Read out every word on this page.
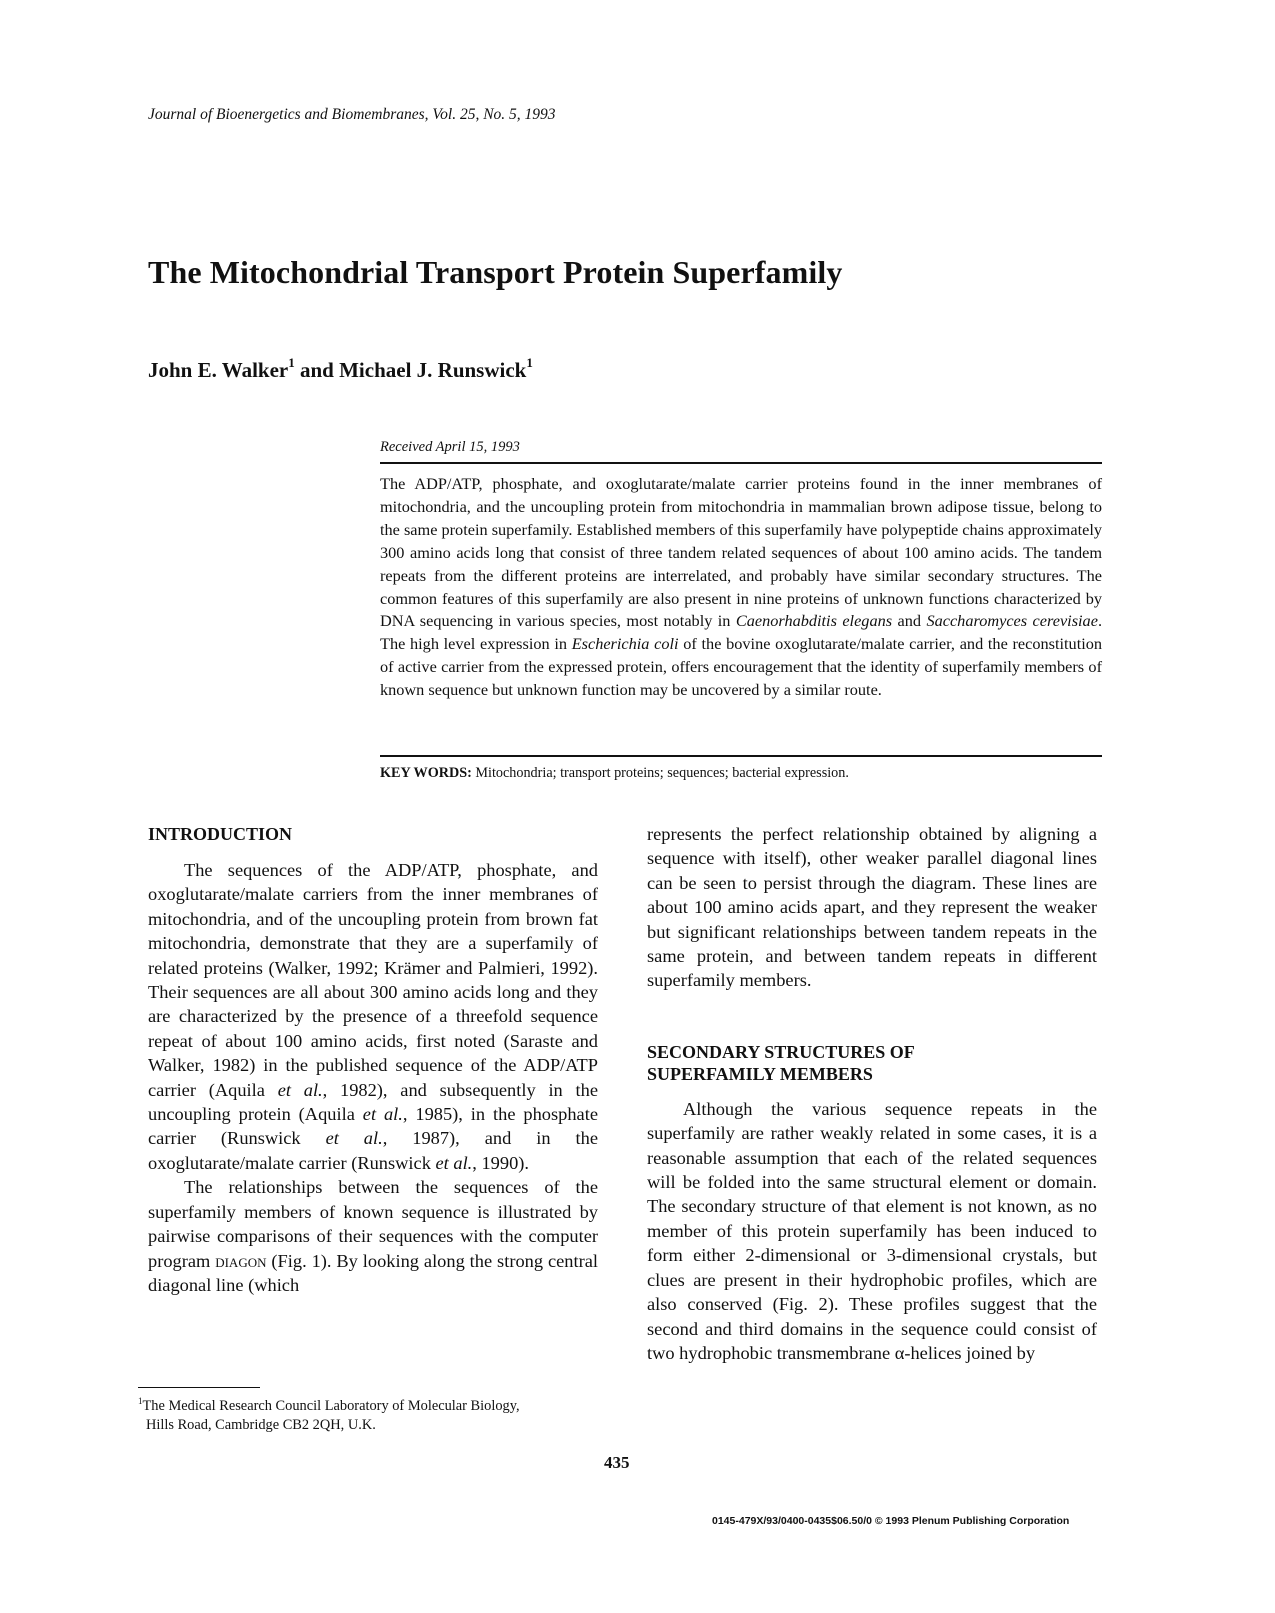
Journal of Bioenergetics and Biomembranes, Vol. 25, No. 5, 1993
The Mitochondrial Transport Protein Superfamily
John E. Walker$^1$ and Michael J. Runswick$^1$
Received April 15, 1993

The ADP/ATP, phosphate, and oxoglutarate/malate carrier proteins found in the inner membranes of mitochondria, and the uncoupling protein from mitochondria in mammalian brown adipose tissue, belong to the same protein superfamily. Established members of this superfamily have polypeptide chains approximately 300 amino acids long that consist of three tandem related sequences of about 100 amino acids. The tandem repeats from the different proteins are interrelated, and probably have similar secondary structures. The common features of this superfamily are also present in nine proteins of unknown functions characterized by DNA sequencing in various species, most notably in Caenorhabditis elegans and Saccharomyces cerevisiae. The high level expression in Escherichia coli of the bovine oxoglutarate/malate carrier, and the reconstitution of active carrier from the expressed protein, offers encouragement that the identity of superfamily members of known sequence but unknown function may be uncovered by a similar route.

KEY WORDS: Mitochondria; transport proteins; sequences; bacterial expression.
INTRODUCTION

The sequences of the ADP/ATP, phosphate, and oxoglutarate/malate carriers from the inner membranes of mitochondria, and of the uncoupling protein from brown fat mitochondria, demonstrate that they are a superfamily of related proteins (Walker, 1992; Krämer and Palmieri, 1992). Their sequences are all about 300 amino acids long and they are characterized by the presence of a threefold sequence repeat of about 100 amino acids, first noted (Saraste and Walker, 1982) in the published sequence of the ADP/ATP carrier (Aquila et al., 1982), and subsequently in the uncoupling protein (Aquila et al., 1985), in the phosphate carrier (Runswick et al., 1987), and in the oxoglutarate/malate carrier (Runswick et al., 1990).

The relationships between the sequences of the superfamily members of known sequence is illustrated by pairwise comparisons of their sequences with the computer program diagon (Fig. 1). By looking along the strong central diagonal line (which

represents the perfect relationship obtained by aligning a sequence with itself), other weaker parallel diagonal lines can be seen to persist through the diagram. These lines are about 100 amino acids apart, and they represent the weaker but significant relationships between tandem repeats in the same protein, and between tandem repeats in different superfamily members.

SECONDARY STRUCTURES OF
SUPERFAMILY MEMBERS

Although the various sequence repeats in the superfamily are rather weakly related in some cases, it is a reasonable assumption that each of the related sequences will be folded into the same structural element or domain. The secondary structure of that element is not known, as no member of this protein superfamily has been induced to form either 2-dimensional or 3-dimensional crystals, but clues are present in their hydrophobic profiles, which are also conserved (Fig. 2). These profiles suggest that the second and third domains in the sequence could consist of two hydrophobic transmembrane α-helices joined by

$^1$The Medical Research Council Laboratory of Molecular Biology,
Hills Road, Cambridge CB2 2QH, U.K.
435
0145-479X/93/0400-0435$06.50/0 © 1993 Plenum Publishing Corporation
